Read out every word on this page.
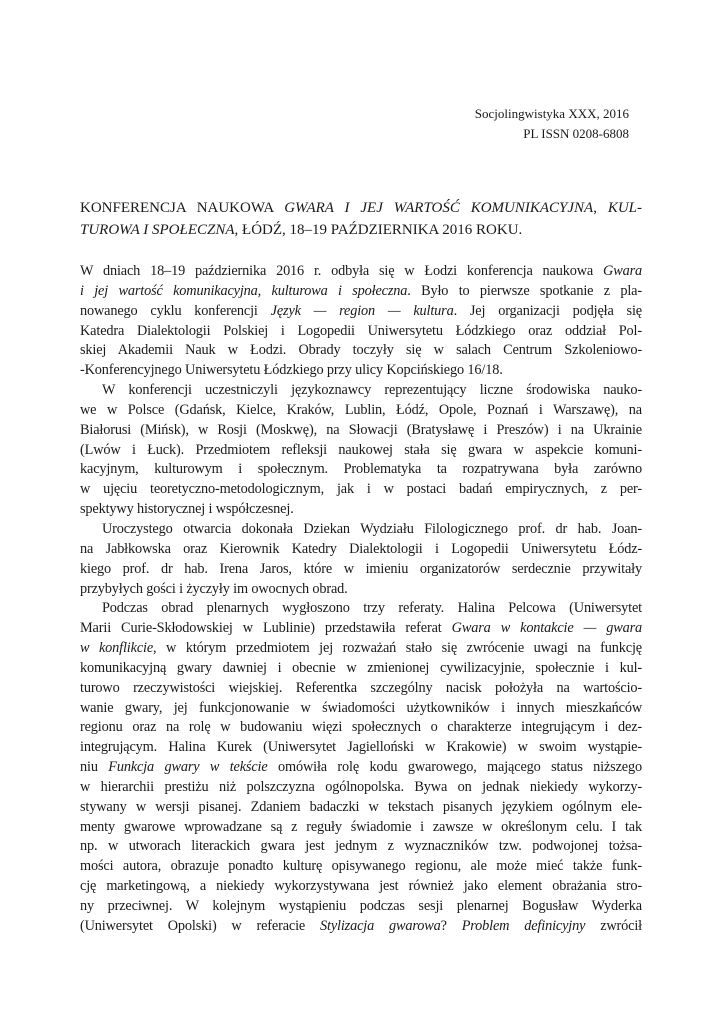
Socjolingwistyka XXX, 2016
PL ISSN 0208-6808
KONFERENCJA NAUKOWA GWARA I JEJ WARTOŚĆ KOMUNIKACYJNA, KUL-
TUROWA I SPOŁECZNA, ŁÓDŹ, 18–19 PAŹDZIERNIKA 2016 ROKU.

W dniach 18–19 października 2016 r. odbyła się w Łodzi konferencja naukowa Gwara
i jej wartość komunikacyjna, kulturowa i społeczna. Było to pierwsze spotkanie z pla-
nowanego cyklu konferencji Język — region — kultura. Jej organizacji podjęła się
Katedra Dialektologii Polskiej i Logopedii Uniwersytetu Łódzkiego oraz oddział Pol-
skiej Akademii Nauk w Łodzi. Obrady toczyły się w salach Centrum Szkoleniowo-
-Konferencyjnego Uniwersytetu Łódzkiego przy ulicy Kopcińskiego 16/18.

W konferencji uczestniczyli językoznawcy reprezentujący liczne środowiska nauko-
we w Polsce (Gdańsk, Kielce, Kraków, Lublin, Łódź, Opole, Poznań i Warszawę), na
Białorusi (Mińsk), w Rosji (Moskwę), na Słowacji (Bratysławę i Preszów) i na Ukrainie
(Lwów i Łuck). Przedmiotem refleksji naukowej stała się gwara w aspekcie komuni-
kacyjnym, kulturowym i społecznym. Problematyka ta rozpatrywana była zarówno
w ujęciu teoretyczno-metodologicznym, jak i w postaci badań empirycznych, z per-
spektywy historycznej i współczesnej.

Uroczystego otwarcia dokonała Dziekan Wydziału Filologicznego prof. dr hab. Joan-
na Jabłkowska oraz Kierownik Katedry Dialektologii i Logopedii Uniwersytetu Łódz-
kiego prof. dr hab. Irena Jaros, które w imieniu organizatorów serdecznie przywitały
przybyłych gości i życzyły im owocnych obrad.

Podczas obrad plenarnych wygłoszono trzy referaty. Halina Pelcowa (Uniwersytet
Marii Curie-Skłodowskiej w Lublinie) przedstawiła referat Gwara w kontakcie — gwara
w konflikcie, w którym przedmiotem jej rozważań stało się zwrócenie uwagi na funkcję
komunikacyjną gwary dawniej i obecnie w zmienionej cywilizacyjnie, społecznie i kul-
turowo rzeczywistości wiejskiej. Referentka szczególny nacisk położyła na wartościo-
wanie gwary, jej funkcjonowanie w świadomości użytkowników i innych mieszkańców
regionu oraz na rolę w budowaniu więzi społecznych o charakterze integrującym i dez-
integrującym. Halina Kurek (Uniwersytet Jagielloński w Krakowie) w swoim wystąpie-
niu Funkcja gwary w tekście omówiła rolę kodu gwarowego, mającego status niższego
w hierarchii prestiżu niż polszczyzna ogólnopolska. Bywa on jednak niekiedy wykorzy-
stywany w wersji pisanej. Zdaniem badaczki w tekstach pisanych językiem ogólnym ele-
menty gwarowe wprowadzane są z reguły świadomie i zawsze w określonym celu. I tak
np. w utworach literackich gwara jest jednym z wyznaczników tzw. podwojonej tożsa-
mości autora, obrazuje ponadto kulturę opisywanego regionu, ale może mieć także funk-
cję marketingową, a niekiedy wykorzystywana jest również jako element obrażania stro-
ny przeciwnej. W kolejnym wystąpieniu podczas sesji plenarnej Bogusław Wyderka
(Uniwersytet Opolski) w referacie Stylizacja gwarowa? Problem definicyjny zwrócił
